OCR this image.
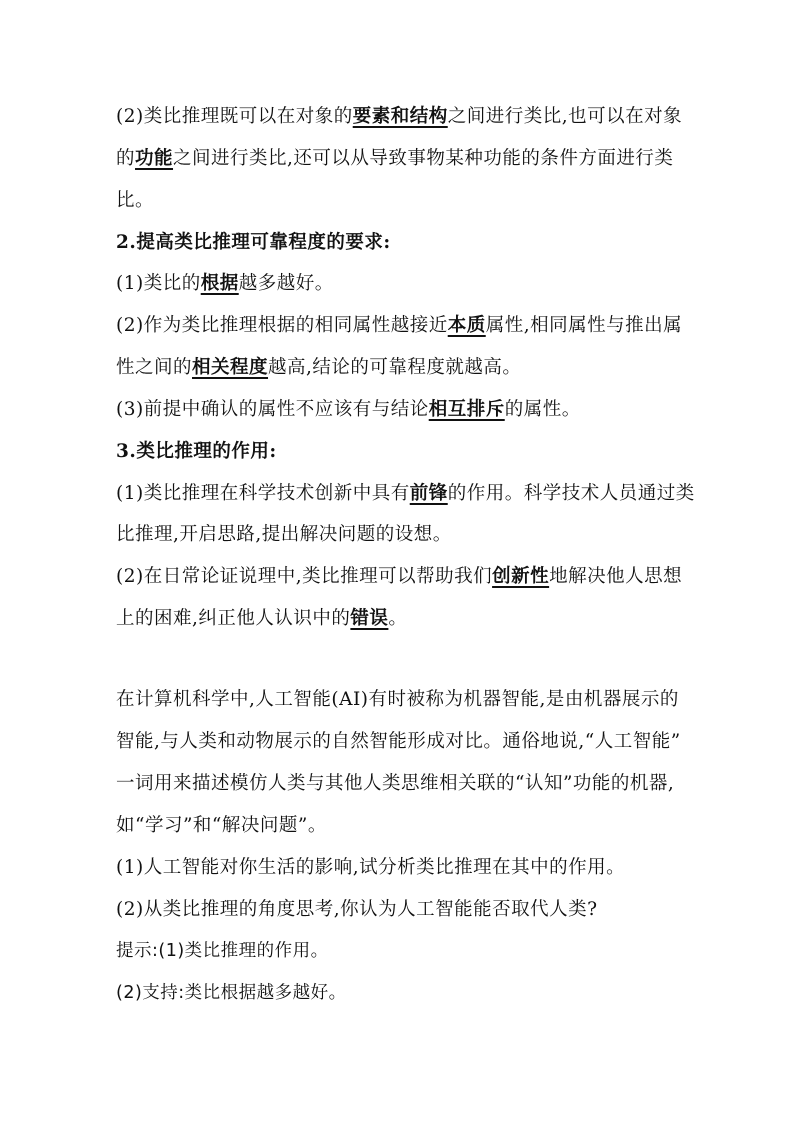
(2)类比推理既可以在对象的要素和结构之间进行类比,也可以在对象
的功能之间进行类比,还可以从导致事物某种功能的条件方面进行类
比。
2.提高类比推理可靠程度的要求:
(1)类比的根据越多越好。
(2)作为类比推理根据的相同属性越接近本质属性,相同属性与推出属
性之间的相关程度越高,结论的可靠程度就越高。
(3)前提中确认的属性不应该有与结论相互排斥的属性。
3.类比推理的作用:
(1)类比推理在科学技术创新中具有前锋的作用。科学技术人员通过类
比推理,开启思路,提出解决问题的设想。
(2)在日常论证说理中,类比推理可以帮助我们创新性地解决他人思想
上的困难,纠正他人认识中的错误。
在计算机科学中,人工智能(AI)有时被称为机器智能,是由机器展示的
智能,与人类和动物展示的自然智能形成对比。通俗地说,“人工智能”
一词用来描述模仿人类与其他人类思维相关联的“认知”功能的机器,
如“学习”和“解决问题”。
(1)人工智能对你生活的影响,试分析类比推理在其中的作用。
(2)从类比推理的角度思考,你认为人工智能能否取代人类?
提示:(1)类比推理的作用。
(2)支持:类比根据越多越好。
